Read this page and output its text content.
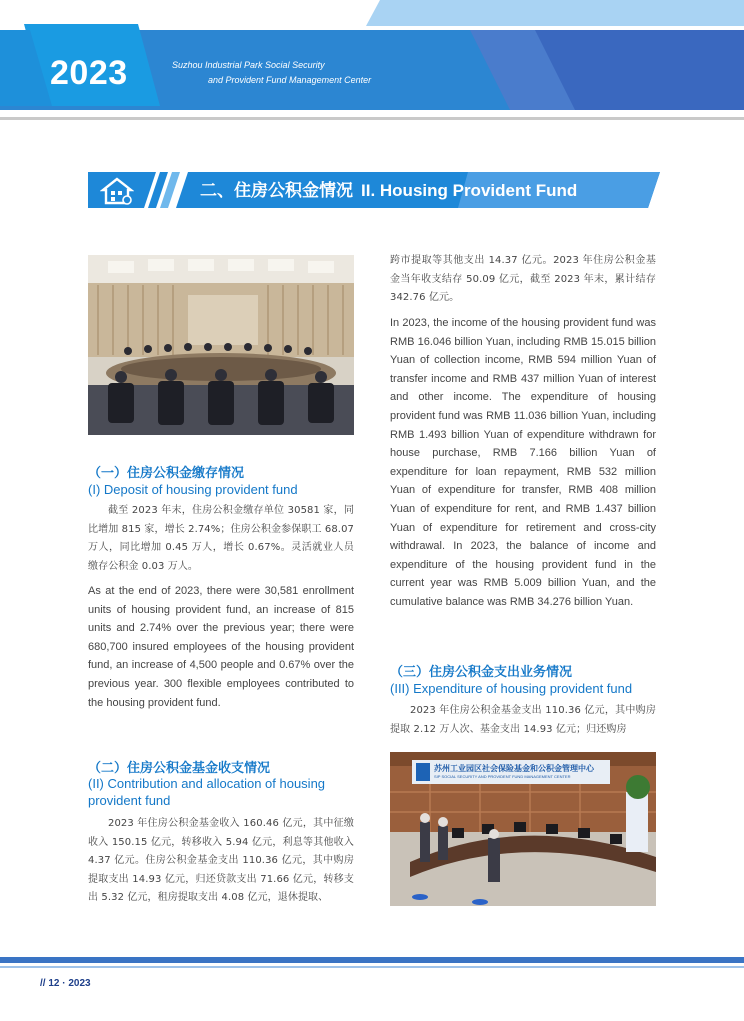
2023	Suzhou Industrial Park Social Security
and Provident Fund Management Center
二、住房公积金情况 II. Housing Provident Fund
（一）住房公积金缴存情况
(I) Deposit of housing provident fund
截至 2023 年末，住房公积金缴存单位 30581 家，同比增加 815 家，增长 2.74%；住房公积金参保职工 68.07 万人，同比增加 0.45 万人，增长 0.67%。灵活就业人员缴存公积金 0.03 万人。
As at the end of 2023, there were 30,581 enrollment units of housing provident fund, an increase of 815 units and 2.74% over the previous year; there were 680,700 insured employees of the housing provident fund, an increase of 4,500 people and 0.67% over the previous year. 300 flexible employees contributed to the housing provident fund.
（二）住房公积金基金收支情况
(II) Contribution and allocation of housing provident fund
2023 年住房公积金基金收入 160.46 亿元，其中征缴收入 150.15 亿元，转移收入 5.94 亿元，利息等其他收入 4.37 亿元。住房公积金基金支出 110.36 亿元，其中购房提取支出 14.93 亿元，归还贷款支出 71.66 亿元，转移支出 5.32 亿元，租房提取支出 4.08 亿元，退休提取、
跨市提取等其他支出 14.37 亿元。2023 年住房公积金基金当年收支结存 50.09 亿元，截至 2023 年末，累计结存 342.76 亿元。
In 2023, the income of the housing provident fund was RMB 16.046 billion Yuan, including RMB 15.015 billion Yuan of collection income, RMB 594 million Yuan of transfer income and RMB 437 million Yuan of interest and other income. The expenditure of housing provident fund was RMB 11.036 billion Yuan, including RMB 1.493 billion Yuan of expenditure withdrawn for house purchase, RMB 7.166 billion Yuan of expenditure for loan repayment, RMB 532 million Yuan of expenditure for transfer, RMB 408 million Yuan of expenditure for rent, and RMB 1.437 billion Yuan of expenditure for retirement and cross-city withdrawal. In 2023, the balance of income and expenditure of the housing provident fund in the current year was RMB 5.009 billion Yuan, and the cumulative balance was RMB 34.276 billion Yuan.
（三）住房公积金支出业务情况
(III) Expenditure of housing provident fund
2023 年住房公积金基金支出 110.36 亿元，其中购房提取 2.12 万人次、基金支出 14.93 亿元；归还购房
苏州工业园区社会保险基金和公积金管理中心
SIP SOCIAL SECURITY AND PROVIDENT FUND MANAGEMENT CENTER
// 12 · 2023
